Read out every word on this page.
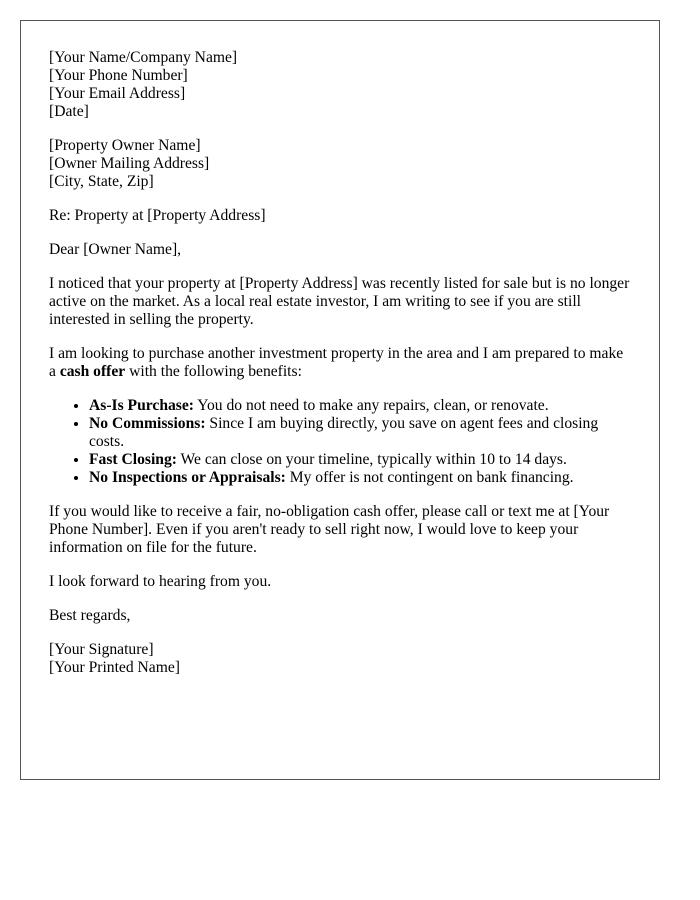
[Your Name/Company Name]
[Your Phone Number]
[Your Email Address]
[Date]
[Property Owner Name]
[Owner Mailing Address]
[City, State, Zip]

Re: Property at [Property Address]

Dear [Owner Name],

I noticed that your property at [Property Address] was recently listed for sale but is no longer active on the market. As a local real estate investor, I am writing to see if you are still interested in selling the property.

I am looking to purchase another investment property in the area and I am prepared to make a cash offer with the following benefits:

• As-Is Purchase: You do not need to make any repairs, clean, or renovate.
• No Commissions: Since I am buying directly, you save on agent fees and closing costs.
• Fast Closing: We can close on your timeline, typically within 10 to 14 days.
• No Inspections or Appraisals: My offer is not contingent on bank financing.

If you would like to receive a fair, no-obligation cash offer, please call or text me at [Your Phone Number]. Even if you aren't ready to sell right now, I would love to keep your information on file for the future.

I look forward to hearing from you.

Best regards,

[Your Signature]
[Your Printed Name]
